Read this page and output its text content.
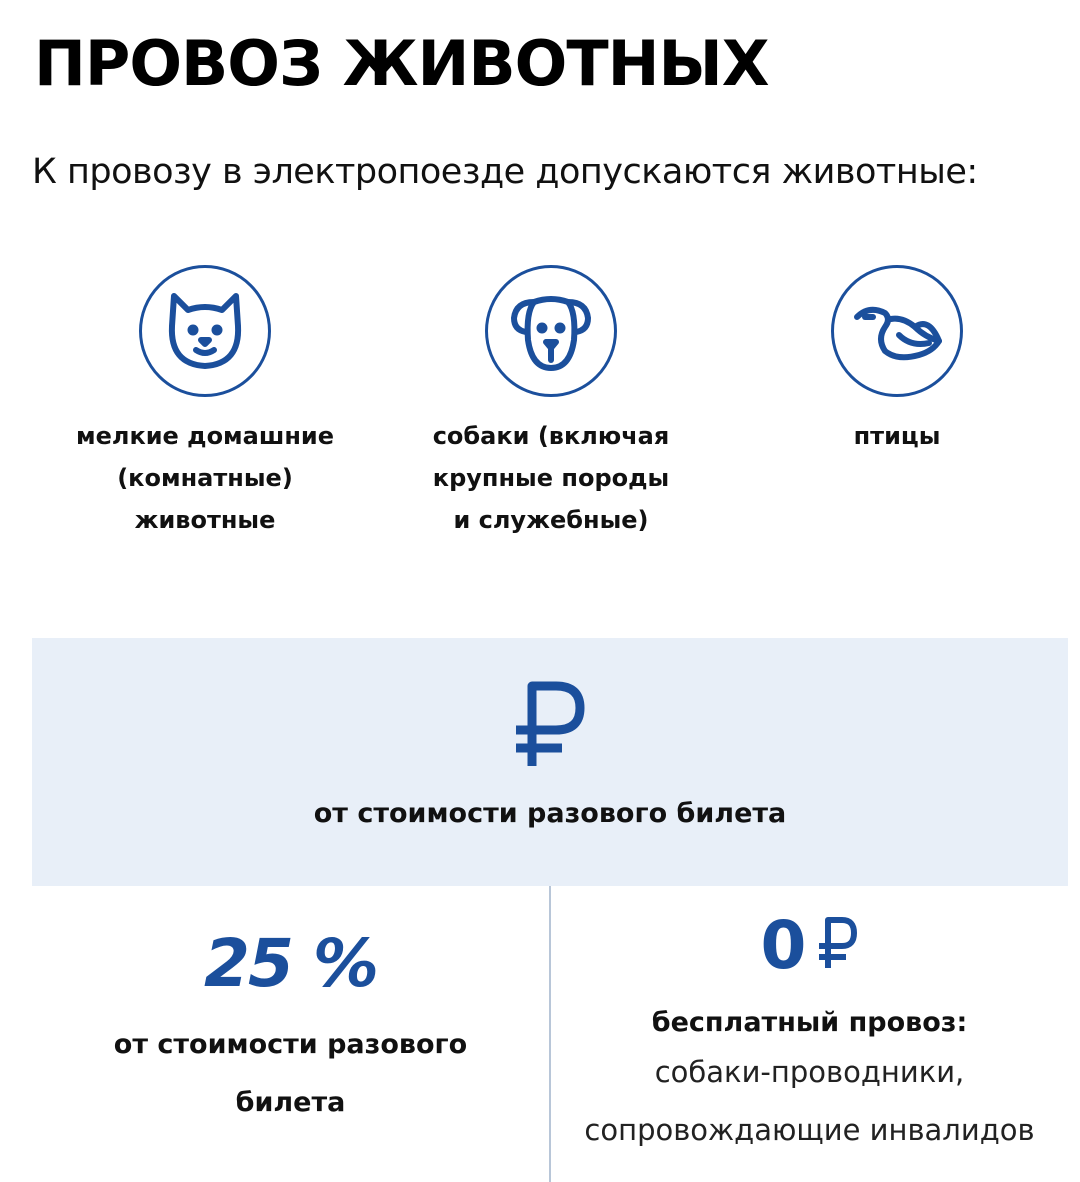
ПРОВОЗ ЖИВОТНЫХ
К провозу в электропоезде допускаются животные:
мелкие домашние
(комнатные)
животные
собаки (включая
крупные породы
и служебные)
птицы
от стоимости разового билета
25 %
от стоимости разового
билета
0
бесплатный провоз:
собаки-проводники,
сопровождающие инвалидов
